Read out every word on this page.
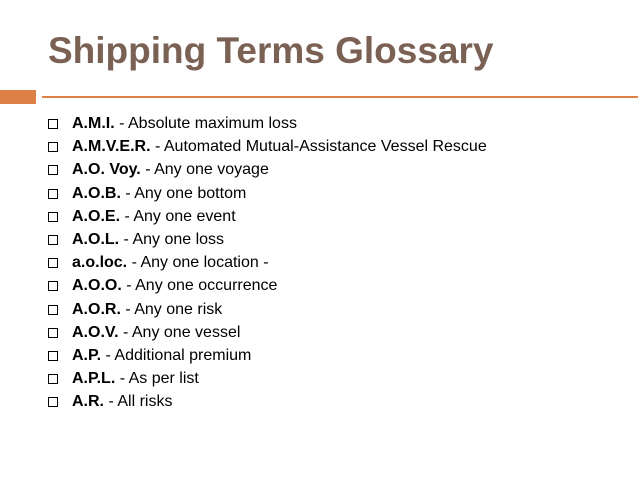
Shipping Terms Glossary
A.M.I. - Absolute maximum loss
A.M.V.E.R. - Automated Mutual-Assistance Vessel Rescue
A.O. Voy. - Any one voyage
A.O.B. - Any one bottom
A.O.E. - Any one event
A.O.L. - Any one loss
a.o.loc. - Any one location -
A.O.O. - Any one occurrence
A.O.R. - Any one risk
A.O.V. - Any one vessel
A.P. - Additional premium
A.P.L. - As per list
A.R. - All risks
